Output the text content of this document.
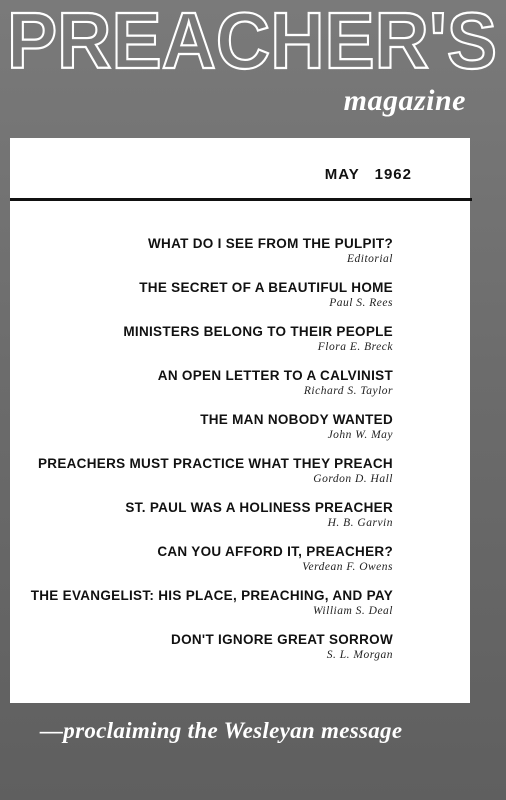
PREACHER'S
magazine
MAY 1962
WHAT DO I SEE FROM THE PULPIT?
Editorial
THE SECRET OF A BEAUTIFUL HOME
Paul S. Rees
MINISTERS BELONG TO THEIR PEOPLE
Flora E. Breck
AN OPEN LETTER TO A CALVINIST
Richard S. Taylor
THE MAN NOBODY WANTED
John W. May
PREACHERS MUST PRACTICE WHAT THEY PREACH
Gordon D. Hall
ST. PAUL WAS A HOLINESS PREACHER
H. B. Garvin
CAN YOU AFFORD IT, PREACHER?
Verdean F. Owens
THE EVANGELIST: HIS PLACE, PREACHING, AND PAY
William S. Deal
DON'T IGNORE GREAT SORROW
S. L. Morgan
—proclaiming the Wesleyan message
